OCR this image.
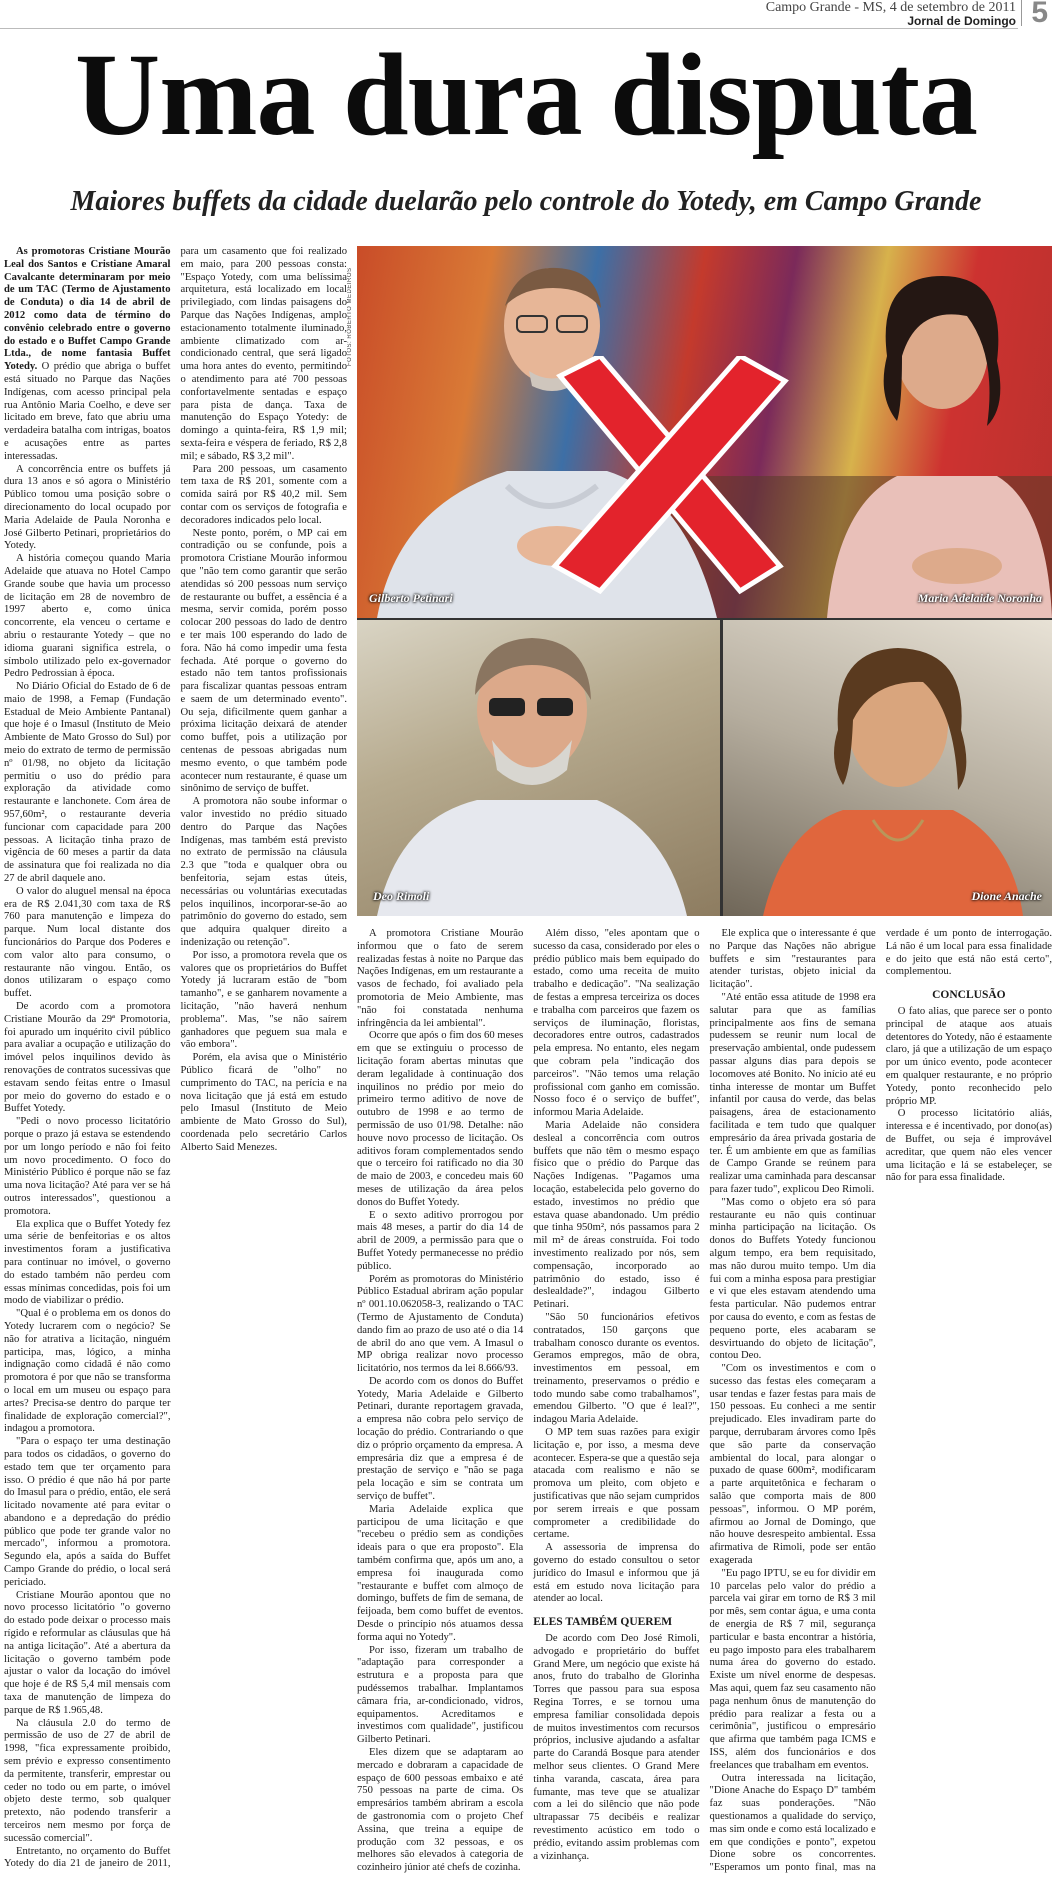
Campo Grande - MS, 4 de setembro de 2011
Jornal de Domingo 5
Uma dura disputa
Maiores buffets da cidade duelarão pelo controle do Yotedy, em Campo Grande
FOTOS: ROBERTO MEDEIROS
Gilberto Petinari	Maria Adelaide Noronha
Deo Rimoli	Dione Anache

As promotoras Cristiane Mourão Leal dos Santos e Cristiane Amaral Cavalcante determinaram por meio de um TAC (Termo de Ajustamento de Conduta) o dia 14 de abril de 2012 como data de término do convênio celebrado entre o governo do estado e o Buffet Campo Grande Ltda., de nome fantasia Buffet Yotedy. O prédio que abriga o buffet está situado no Parque das Nações Indígenas, com acesso principal pela rua Antônio Maria Coelho, e deve ser licitado em breve, fato que abriu uma verdadeira batalha com intrigas, boatos e acusações entre as partes interessadas.

A concorrência entre os buffets já dura 13 anos e só agora o Ministério Público tomou uma posição sobre o direcionamento do local ocupado por Maria Adelaide de Paula Noronha e José Gilberto Petinari, proprietários do Yotedy.

A história começou quando Maria Adelaide que atuava no Hotel Campo Grande soube que havia um processo de licitação em 28 de novembro de 1997 aberto e, como única concorrente, ela venceu o certame e abriu o restaurante Yotedy – que no idioma guarani significa estrela, o símbolo utilizado pelo ex-governador Pedro Pedrossian à época.

No Diário Oficial do Estado de 6 de maio de 1998, a Femap (Fundação Estadual de Meio Ambiente Pantanal) que hoje é o Imasul (Instituto de Meio Ambiente de Mato Grosso do Sul) por meio do extrato de termo de permissão nº 01/98, no objeto da licitação permitiu o uso do prédio para exploração da atividade como restaurante e lanchonete. Com área de 957,60m², o restaurante deveria funcionar com capacidade para 200 pessoas. A licitação tinha prazo de vigência de 60 meses a partir da data de assinatura que foi realizada no dia 27 de abril daquele ano.

O valor do aluguel mensal na época era de R$ 2.041,30 com taxa de R$ 760 para manutenção e limpeza do parque. Num local distante dos funcionários do Parque dos Poderes e com valor alto para consumo, o restaurante não vingou. Então, os donos utilizaram o espaço como buffet.

De acordo com a promotora Cristiane Mourão da 29ª Promotoria, foi apurado um inquérito civil público para avaliar a ocupação e utilização do imóvel pelos inquilinos devido às renovações de contratos sucessivas que estavam sendo feitas entre o Imasul por meio do governo do estado e o Buffet Yotedy.

"Pedi o novo processo licitatório porque o prazo já estava se estendendo por um longo período e não foi feito um novo procedimento. O foco do Ministério Público é porque não se faz uma nova licitação? Até para ver se há outros interessados", questionou a promotora.

Ela explica que o Buffet Yotedy fez uma série de benfeitorias e os altos investimentos foram a justificativa para continuar no imóvel, o governo do estado também não perdeu com essas mínimas concedidas, pois foi um modo de viabilizar o prédio.

"Qual é o problema em os donos do Yotedy lucrarem com o negócio? Se não for atrativa a licitação, ninguém participa, mas, lógico, a minha indignação como cidadã é não como promotora é por que não se transforma o local em um museu ou espaço para artes? Precisa-se dentro do parque ter finalidade de exploração comercial?", indagou a promotora.

"Para o espaço ter uma destinação para todos os cidadãos, o governo do estado tem que ter orçamento para isso. O prédio é que não há por parte do Imasul para o prédio, então, ele será licitado novamente até para evitar o abandono e a depredação do prédio público que pode ter grande valor no mercado", informou a promotora. Segundo ela, após a saída do Buffet Campo Grande do prédio, o local será periciado.

Cristiane Mourão apontou que no novo processo licitatório "o governo do estado pode deixar o processo mais rígido e reformular as cláusulas que há na antiga licitação". Até a abertura da licitação o governo também pode ajustar o valor da locação do imóvel que hoje é de R$ 5,4 mil mensais com taxa de manutenção de limpeza do parque de R$ 1.965,48.

Na cláusula 2.0 do termo de permissão de uso de 27 de abril de 1998, "fica expressamente proibido, sem prévio e expresso consentimento da permitente, transferir, emprestar ou ceder no todo ou em parte, o imóvel objeto deste termo, sob qualquer pretexto, não podendo transferir a terceiros nem mesmo por força de sucessão comercial".

Entretanto, no orçamento do Buffet Yotedy do dia 21 de janeiro de 2011, para um casamento que foi realizado em maio, para 200 pessoas consta: "Espaço Yotedy, com uma belíssima arquitetura, está localizado em local privilegiado, com lindas paisagens do Parque das Nações Indígenas, amplo estacionamento totalmente iluminado, ambiente climatizado com ar-condicionado central, que será ligado uma hora antes do evento, permitindo o atendimento para até 700 pessoas confortavelmente sentadas e espaço para pista de dança. Taxa de manutenção do Espaço Yotedy: de domingo a quinta-feira, R$ 1,9 mil; sexta-feira e véspera de feriado, R$ 2,8 mil; e sábado, R$ 3,2 mil".

Para 200 pessoas, um casamento tem taxa de R$ 201, somente com a comida sairá por R$ 40,2 mil. Sem contar com os serviços de fotografia e decoradores indicados pelo local.

Neste ponto, porém, o MP cai em contradição ou se confunde, pois a promotora Cristiane Mourão informou que "não tem como garantir que serão atendidas só 200 pessoas num serviço de restaurante ou buffet, a essência é a mesma, servir comida, porém posso colocar 200 pessoas do lado de dentro e ter mais 100 esperando do lado de fora. Não há como impedir uma festa fechada. Até porque o governo do estado não tem tantos profissionais para fiscalizar quantas pessoas entram e saem de um determinado evento". Ou seja, dificilmente quem ganhar a próxima licitação deixará de atender como buffet, pois a utilização por centenas de pessoas abrigadas num mesmo evento, o que também pode acontecer num restaurante, é quase um sinônimo de serviço de buffet.

A promotora não soube informar o valor investido no prédio situado dentro do Parque das Nações Indígenas, mas também está previsto no extrato de permissão na cláusula 2.3 que "toda e qualquer obra ou benfeitoria, sejam estas úteis, necessárias ou voluntárias executadas pelos inquilinos, incorporar-se-ão ao patrimônio do governo do estado, sem que adquira qualquer direito a indenização ou retenção".

Por isso, a promotora revela que os valores que os proprietários do Buffet Yotedy já lucraram estão de "bom tamanho", e se ganharem novamente a licitação, "não haverá nenhum problema". Mas, "se não saírem ganhadores que peguem sua mala e vão embora".

Porém, ela avisa que o Ministério Público ficará de "olho" no cumprimento do TAC, na perícia e na nova licitação que já está em estudo pelo Imasul (Instituto de Meio ambiente de Mato Grosso do Sul), coordenada pelo secretário Carlos Alberto Said Menezes.

A promotora Cristiane Mourão informou que o fato de serem realizadas festas à noite no Parque das Nações Indígenas, em um restaurante a vasos de fechado, foi avaliado pela promotoria de Meio Ambiente, mas "não foi constatada nenhuma infringência da lei ambiental".

Ocorre que após o fim dos 60 meses em que se extinguiu o processo de licitação foram abertas minutas que deram legalidade à continuação dos inquilinos no prédio por meio do primeiro termo aditivo de nove de outubro de 1998 e ao termo de permissão de uso 01/98. Detalhe: não houve novo processo de licitação. Os aditivos foram complementados sendo que o terceiro foi ratificado no dia 30 de maio de 2003, e concedeu mais 60 meses de utilização da área pelos donos do Buffet Yotedy.

E o sexto aditivo prorrogou por mais 48 meses, a partir do dia 14 de abril de 2009, a permissão para que o Buffet Yotedy permanecesse no prédio público.

Porém as promotoras do Ministério Público Estadual abriram ação popular nº 001.10.062058-3, realizando o TAC (Termo de Ajustamento de Conduta) dando fim ao prazo de uso até o dia 14 de abril do ano que vem. A Imasul o MP obriga realizar novo processo licitatório, nos termos da lei 8.666/93.

De acordo com os donos do Buffet Yotedy, Maria Adelaide e Gilberto Petinari, durante reportagem gravada, a empresa não cobra pelo serviço de locação do prédio. Contrariando o que diz o próprio orçamento da empresa. A empresária diz que a empresa é de prestação de serviço e "não se paga pela locação e sim se contrata um serviço de buffet".

Maria Adelaide explica que participou de uma licitação e que "recebeu o prédio sem as condições ideais para o que era proposto". Ela também confirma que, após um ano, a empresa foi inaugurada como "restaurante e buffet com almoço de domingo, buffets de fim de semana, de feijoada, bem como buffet de eventos. Desde o princípio nós atuamos dessa forma aqui no Yotedy".

Por isso, fizeram um trabalho de "adaptação para corresponder a estrutura e a proposta para que pudéssemos trabalhar. Implantamos câmara fria, ar-condicionado, vidros, equipamentos. Acreditamos e investimos com qualidade", justificou Gilberto Petinari.

Eles dizem que se adaptaram ao mercado e dobraram a capacidade de espaço de 600 pessoas embaixo e até 750 pessoas na parte de cima. Os empresários também abriram a escola de gastronomia com o projeto Chef Assina, que treina a equipe de produção com 32 pessoas, e os melhores são elevados à categoria de cozinheiro júnior até chefs de cozinha.

Além disso, "eles apontam que o sucesso da casa, considerado por eles o prédio público mais bem equipado do estado, como uma receita de muito trabalho e dedicação". "Na sealização de festas a empresa terceiriza os doces e trabalha com parceiros que fazem os serviços de iluminação, floristas, decoradores entre outros, cadastrados pela empresa. No entanto, eles negam que cobram pela "indicação dos parceiros". "Não temos uma relação profissional com ganho em comissão. Nosso foco é o serviço de buffet", informou Maria Adelaide.

Maria Adelaide não considera desleal a concorrência com outros buffets que não têm o mesmo espaço físico que o prédio do Parque das Nações Indígenas. "Pagamos uma locação, estabelecida pelo governo do estado, investimos no prédio que estava quase abandonado. Um prédio que tinha 950m², nós passamos para 2 mil m² de áreas construída. Foi todo investimento realizado por nós, sem compensação, incorporado ao patrimônio do estado, isso é deslealdade?", indagou Gilberto Petinari.

"São 50 funcionários efetivos contratados, 150 garçons que trabalham conosco durante os eventos. Geramos empregos, mão de obra, investimentos em pessoal, em treinamento, preservamos o prédio e todo mundo sabe como trabalhamos", emendou Gilberto. "O que é leal?", indagou Maria Adelaide.

O MP tem suas razões para exigir licitação e, por isso, a mesma deve acontecer. Espera-se que a questão seja atacada com realismo e não se promova um pleito, com objeto e justificativas que não sejam cumpridos por serem irreais e que possam comprometer a credibilidade do certame.

A assessoria de imprensa do governo do estado consultou o setor jurídico do Imasul e informou que já está em estudo nova licitação para atender ao local.

ELES TAMBÉM QUEREM

De acordo com Deo José Rimoli, advogado e proprietário do buffet Grand Mere, um negócio que existe há anos, fruto do trabalho de Glorinha Torres que passou para sua esposa Regina Torres, e se tornou uma empresa familiar consolidada depois de muitos investimentos com recursos próprios, inclusive ajudando a asfaltar parte do Carandá Bosque para atender melhor seus clientes. O Grand Mere tinha varanda, cascata, área para fumante, mas teve que se atualizar com a lei do silêncio que não pode ultrapassar 75 decibéis e realizar revestimento acústico em todo o prédio, evitando assim problemas com a vizinhança.

Ele explica que o interessante é que no Parque das Nações não abrigue buffets e sim "restaurantes para atender turistas, objeto inicial da licitação".

"Até então essa atitude de 1998 era salutar para que as famílias principalmente aos fins de semana pudessem se reunir num local de preservação ambiental, onde pudessem passar alguns dias para depois se locomoves até Bonito. No início até eu tinha interesse de montar um Buffet infantil por causa do verde, das belas paisagens, área de estacionamento facilitada e tem tudo que qualquer empresário da área privada gostaria de ter. É um ambiente em que as famílias de Campo Grande se reúnem para realizar uma caminhada para descansar para fazer tudo", explicou Deo Rimoli.

"Mas como o objeto era só para restaurante eu não quis continuar minha participação na licitação. Os donos do Buffets Yotedy funcionou algum tempo, era bem requisitado, mas não durou muito tempo. Um dia fui com a minha esposa para prestigiar e vi que eles estavam atendendo uma festa particular. Não pudemos entrar por causa do evento, e com as festas de pequeno porte, eles acabaram se desvirtuando do objeto de licitação", contou Deo.

"Com os investimentos e com o sucesso das festas eles começaram a usar tendas e fazer festas para mais de 150 pessoas. Eu conheci a me sentir prejudicado. Eles invadiram parte do parque, derrubaram árvores como Ipês que são parte da conservação ambiental do local, para alongar o puxado de quase 600m², modificaram a parte arquitetônica e fecharam o salão que comporta mais de 800 pessoas", informou. O MP porém, afirmou ao Jornal de Domingo, que não houve desrespeito ambiental. Essa afirmativa de Rimoli, pode ser então exagerada

"Eu pago IPTU, se eu for dividir em 10 parcelas pelo valor do prédio a parcela vai girar em torno de R$ 3 mil por mês, sem contar água, e uma conta de energia de R$ 7 mil, segurança particular e basta encontrar a história, eu pago imposto para eles trabalharem numa área do governo do estado. Existe um nível enorme de despesas. Mas aqui, quem faz seu casamento não paga nenhum ônus de manutenção do prédio para realizar a festa ou a cerimônia", justificou o empresário que afirma que também paga ICMS e ISS, além dos funcionários e dos freelances que trabalham em eventos.

Outra interessada na licitação, "Dione Anache do Espaço D" também faz suas ponderações. "Não questionamos a qualidade do serviço, mas sim onde e como está localizado e em que condições e ponto", expetou Dione sobre os concorrentes. "Esperamos um ponto final, mas na verdade é um ponto de interrogação. Lá não é um local para essa finalidade e do jeito que está não está certo", complementou.

CONCLUSÃO

O fato alias, que parece ser o ponto principal de ataque aos atuais detentores do Yotedy, não é estaamente claro, já que a utilização de um espaço por um único evento, pode acontecer em qualquer restaurante, e no próprio Yotedy, ponto reconhecido pelo próprio MP.

O processo licitatório aliás, interessa e é incentivado, por dono(as) de Buffet, ou seja é improvável acreditar, que quem não eles vencer uma licitação e lá se estabeleçer, se não for para essa finalidade.
